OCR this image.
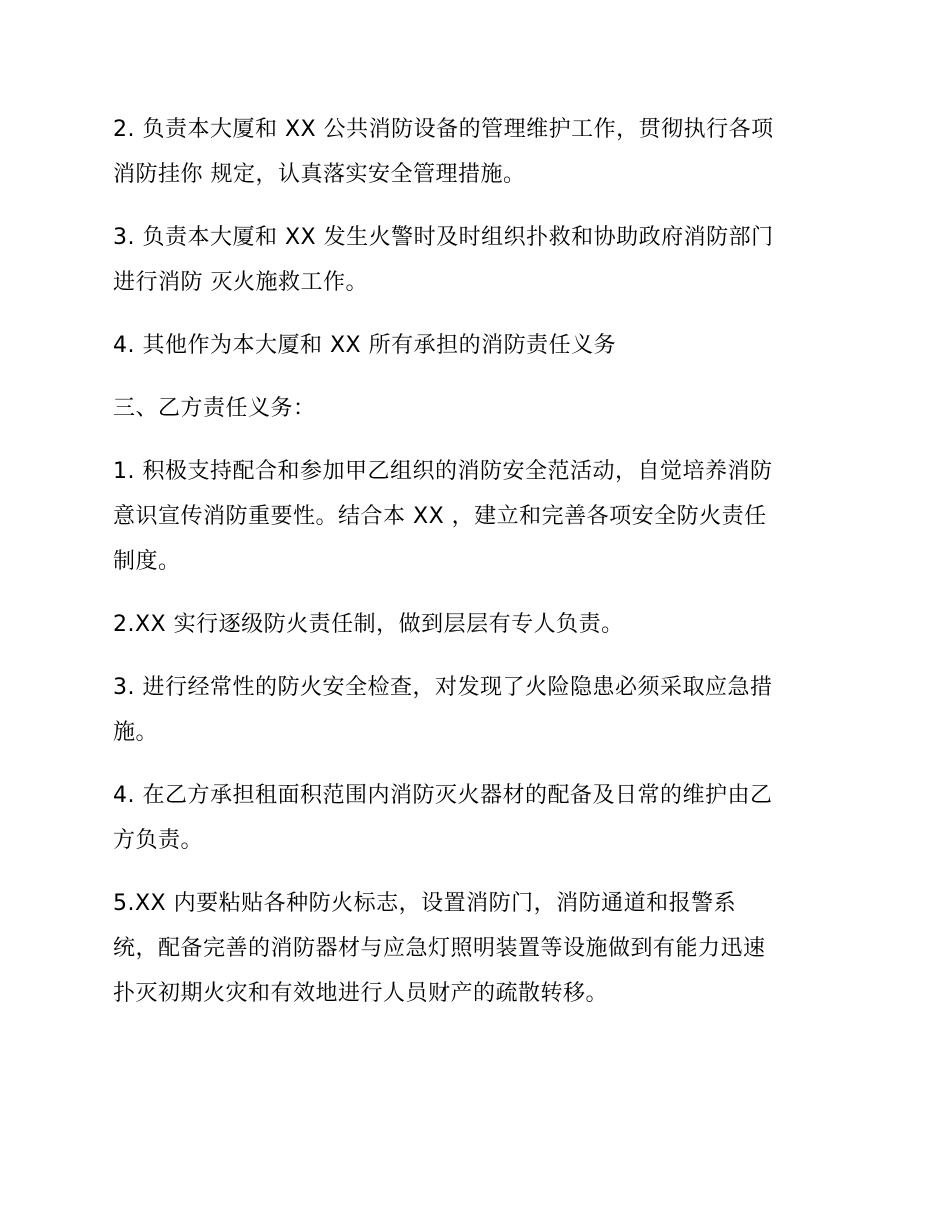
2. 负责本大厦和 XX 公共消防设备的管理维护工作，贯彻执行各项
消防挂你 规定，认真落实安全管理措施。

3. 负责本大厦和 XX 发生火警时及时组织扑救和协助政府消防部门
进行消防 灭火施救工作。

4. 其他作为本大厦和 XX 所有承担的消防责任义务

三、乙方责任义务：

1. 积极支持配合和参加甲乙组织的消防安全范活动，自觉培养消防
意识宣传消防重要性。结合本 XX ，建立和完善各项安全防火责任
制度。

2.XX 实行逐级防火责任制，做到层层有专人负责。

3. 进行经常性的防火安全检查，对发现了火险隐患必须采取应急措
施。

4. 在乙方承担租面积范围内消防灭火器材的配备及日常的维护由乙
方负责。

5.XX 内要粘贴各种防火标志，设置消防门，消防通道和报警系
统，配备完善的消防器材与应急灯照明装置等设施做到有能力迅速
扑灭初期火灾和有效地进行人员财产的疏散转移。
